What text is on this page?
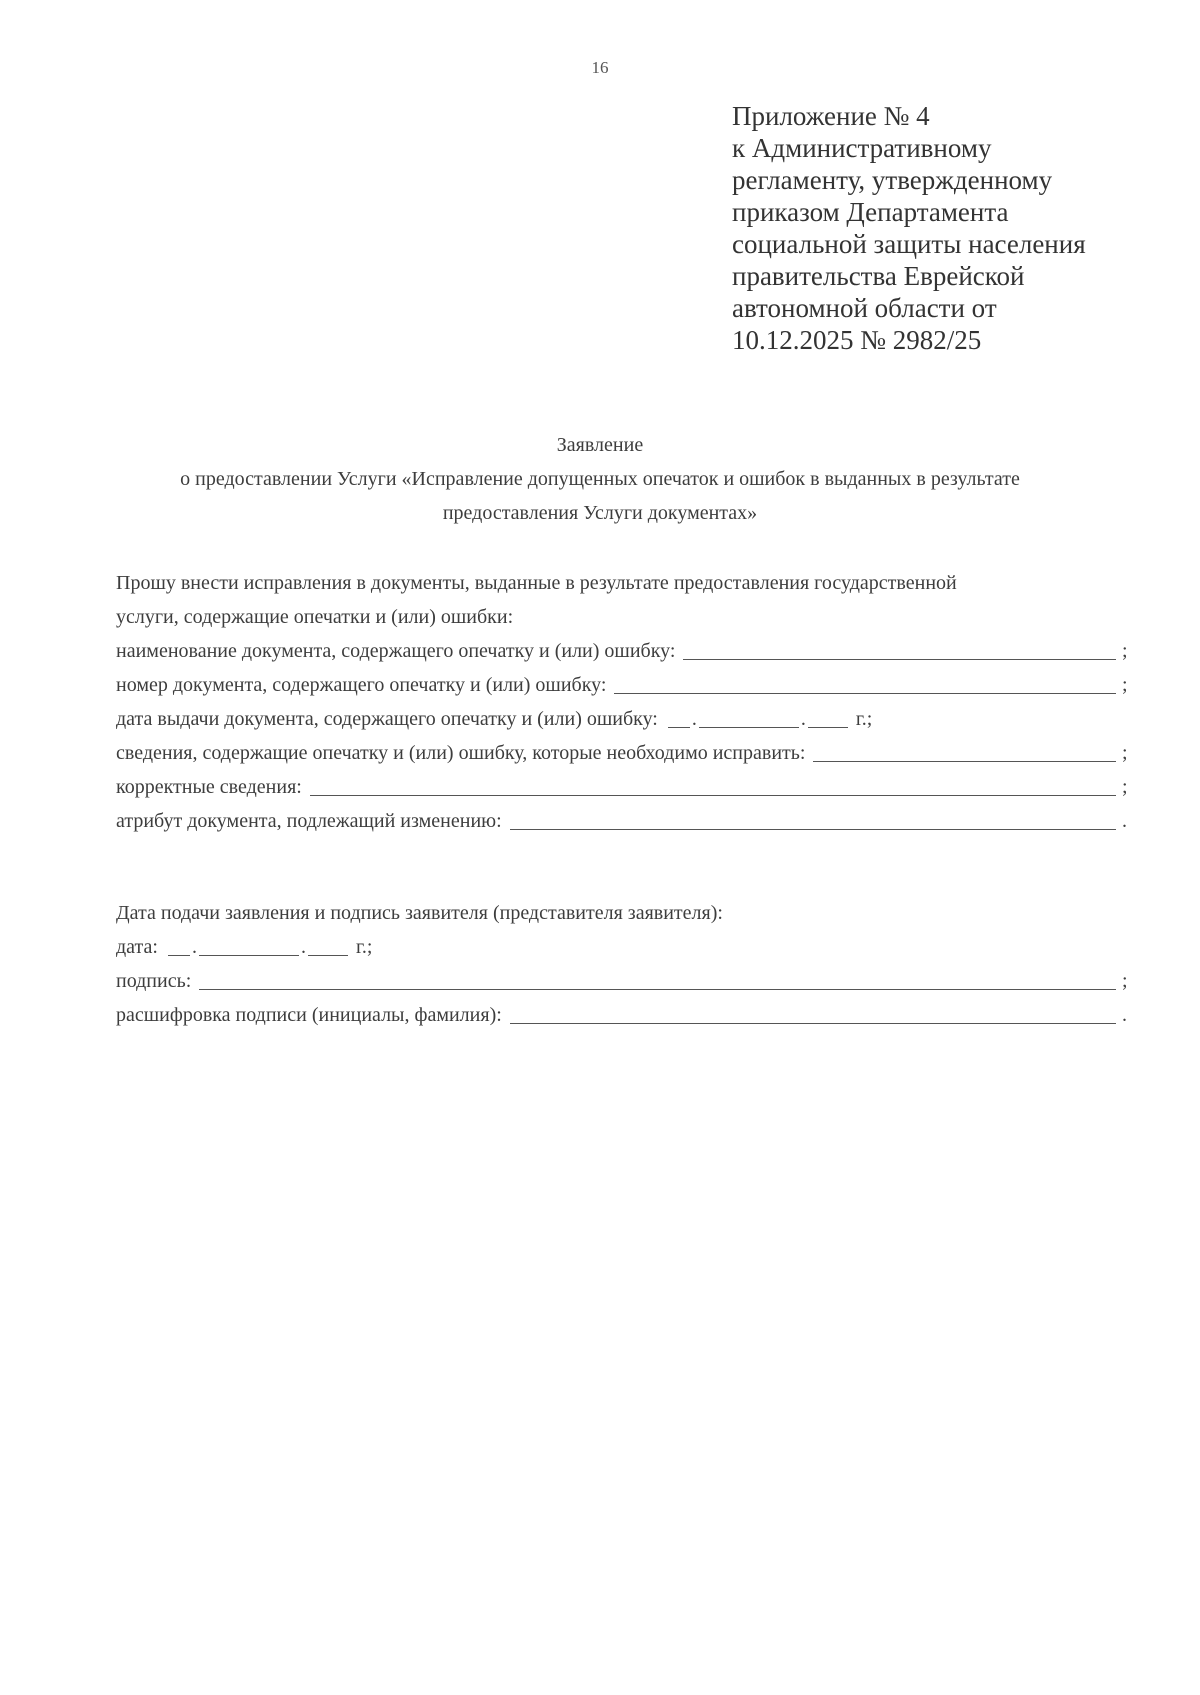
16
Приложение № 4
к Административному
регламенту, утвержденному
приказом Департамента
социальной защиты населения
правительства Еврейской
автономной области от
10.12.2025 № 2982/25
Заявление
о предоставлении Услуги «Исправление допущенных опечаток и ошибок в выданных в результате
предоставления Услуги документах»
Прошу внести исправления в документы, выданные в результате предоставления государственной
услуги, содержащие опечатки и (или) ошибки:
наименование документа, содержащего опечатку и (или) ошибку:	;
номер документа, содержащего опечатку и (или) ошибку:	;
дата выдачи документа, содержащего опечатку и (или) ошибку: .	.	г.;
сведения, содержащие опечатку и (или) ошибку, которые необходимо исправить:	;
корректные сведения:	;
атрибут документа, подлежащий изменению:	.
Дата подачи заявления и подпись заявителя (представителя заявителя):
дата: .	.	г.;
подпись:	;
расшифровка подписи (инициалы, фамилия):	.
